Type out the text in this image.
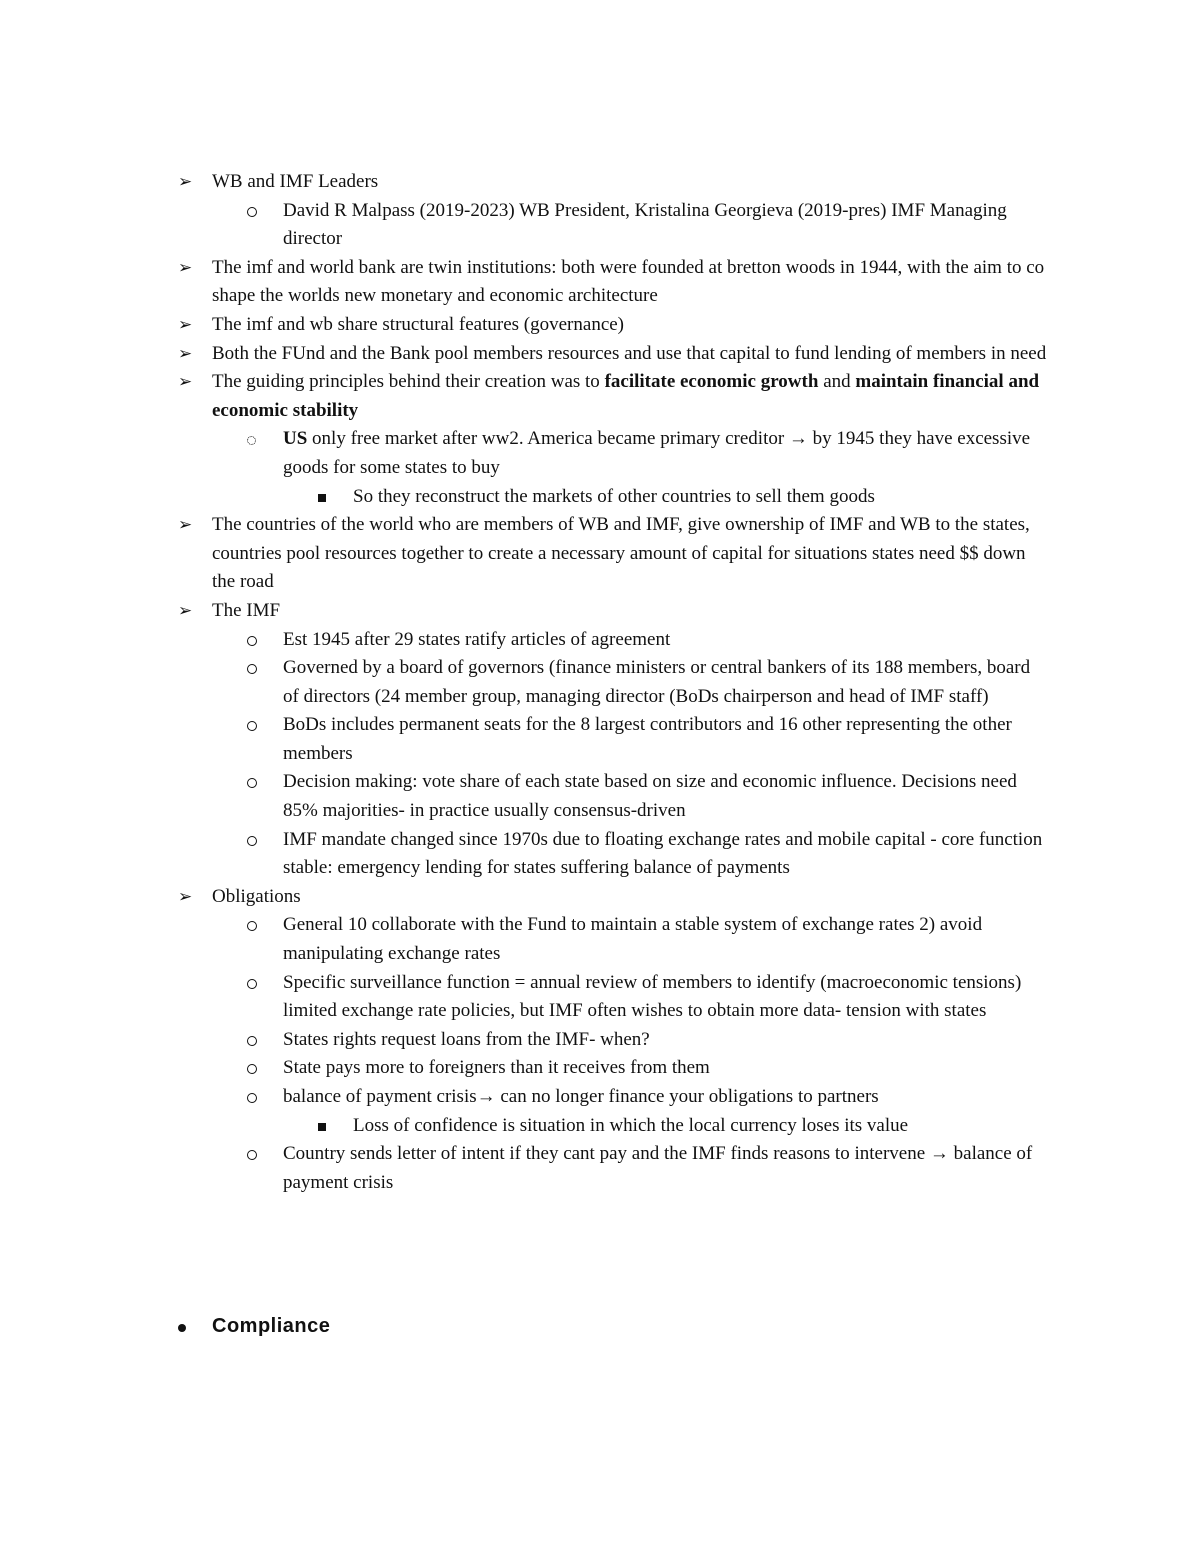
➢ WB and IMF Leaders
David R Malpass (2019-2023) WB President, Kristalina Georgieva (2019-pres) IMF Managing director
➢ The imf and world bank are twin institutions: both were founded at bretton woods in 1944, with the aim to co shape the worlds new monetary and economic architecture
➢ The imf and wb share structural features (governance)
➢ Both the FUnd and the Bank pool members resources and use that capital to fund lending of members in need
➢ The guiding principles behind their creation was to facilitate economic growth and maintain financial and economic stability
US only free market after ww2. America became primary creditor → by 1945 they have excessive goods for some states to buy
So they reconstruct the markets of other countries to sell them goods
➢ The countries of the world who are members of WB and IMF, give ownership of IMF and WB to the states, countries pool resources together to create a necessary amount of capital for situations states need $$ down the road
➢ The IMF
Est 1945 after 29 states ratify articles of agreement
Governed by a board of governors (finance ministers or central bankers of its 188 members, board of directors (24 member group, managing director (BoDs chairperson and head of IMF staff)
BoDs includes permanent seats for the 8 largest contributors and 16 other representing the other members
Decision making: vote share of each state based on size and economic influence. Decisions need 85% majorities- in practice usually consensus-driven
IMF mandate changed since 1970s due to floating exchange rates and mobile capital - core function stable: emergency lending for states suffering balance of payments
➢ Obligations
General 10 collaborate with the Fund to maintain a stable system of exchange rates 2) avoid manipulating exchange rates
Specific surveillance function = annual review of members to identify (macroeconomic tensions) limited exchange rate policies, but IMF often wishes to obtain more data- tension with states
States rights request loans from the IMF- when?
State pays more to foreigners than it receives from them
balance of payment crisis→ can no longer finance your obligations to partners
Loss of confidence is situation in which the local currency loses its value
Country sends letter of intent if they cant pay and the IMF finds reasons to intervene → balance of payment crisis
Compliance
